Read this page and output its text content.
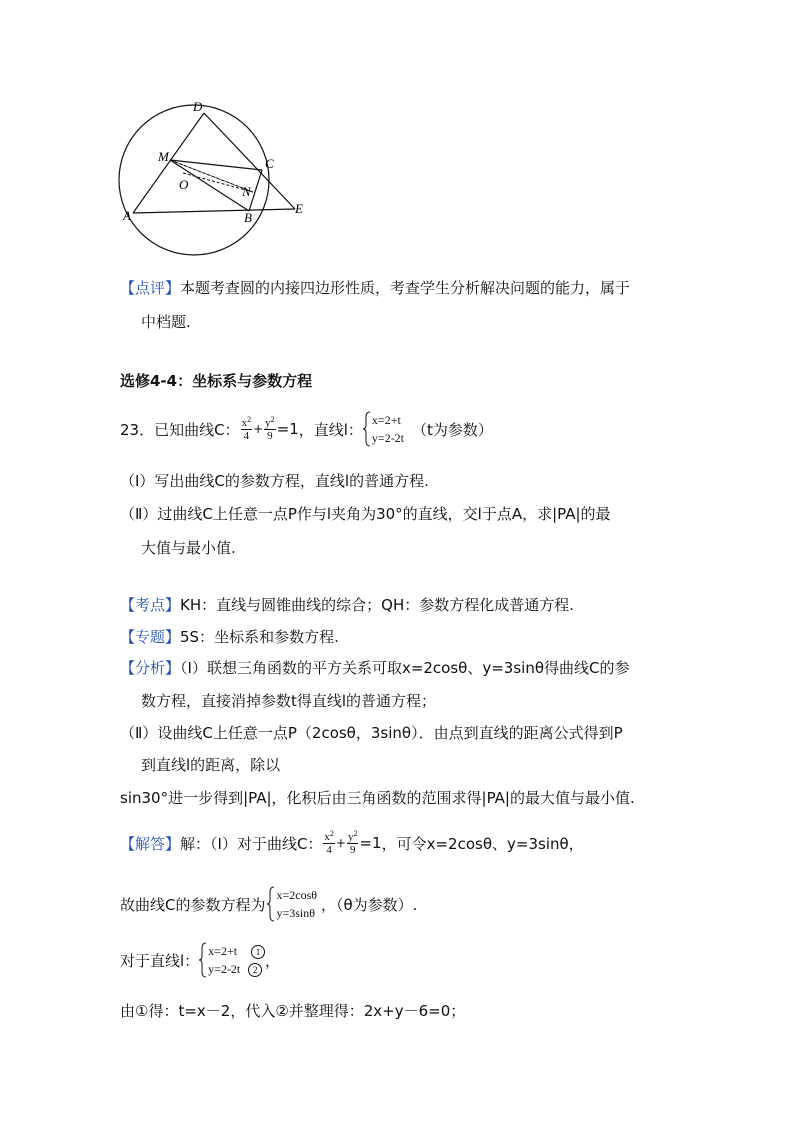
D
M	C
O	N
A	B
E
【点评】本题考查圆的内接四边形性质，考查学生分析解决问题的能力，属于
中档题.
选修4-4：坐标系与参数方程
23．已知曲线C： $\frac{x^2}{4} + \frac{y^2}{9} =1$ ，直线l：
x=2+t
y=2-2t （t为参数）
（Ⅰ）写出曲线C的参数方程，直线l的普通方程.
（Ⅱ）过曲线C上任意一点P作与l夹角为30°的直线，交l于点A，求|PA|的最
大值与最小值.
【考点】KH：直线与圆锥曲线的综合；QH：参数方程化成普通方程.
【专题】5S：坐标系和参数方程.
【分析】（Ⅰ）联想三角函数的平方关系可取x=2cosθ、y=3sinθ得曲线C的参
数方程，直接消掉参数t得直线l的普通方程；
（Ⅱ）设曲线C上任意一点P（2cosθ，3sinθ）．由点到直线的距离公式得到P
到直线l的距离，除以
sin30°进一步得到|PA|，化积后由三角函数的范围求得|PA|的最大值与最小值.
【解答】 解：（Ⅰ）对于曲线C： $\frac{x^2}{4} + \frac{y^2}{9} =1$ ，可令x=2cosθ、y=3sinθ，
故曲线C的参数方程为
x=2cosθ
y=3sinθ ，（θ为参数）.
对于直线l：
x=2+t 1
y=2-2t 2
，
由①得：t=x－2，代入②并整理得：2x+y－6=0；
